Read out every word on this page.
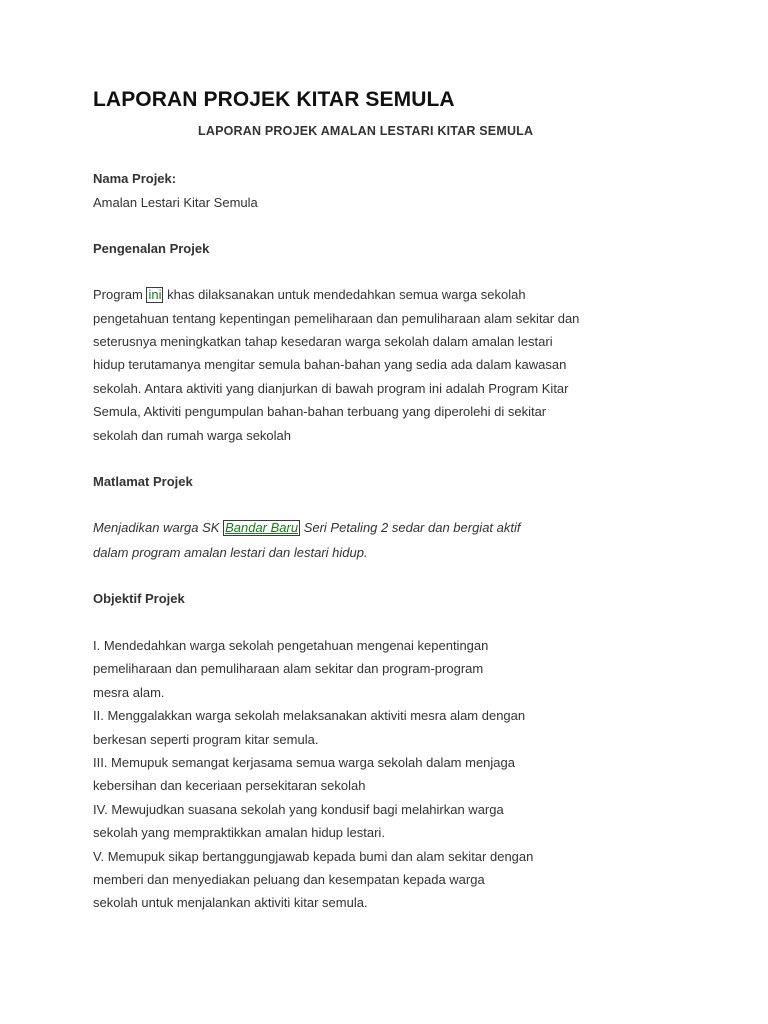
LAPORAN PROJEK KITAR SEMULA
LAPORAN PROJEK AMALAN LESTARI KITAR SEMULA
Nama Projek:
Amalan Lestari Kitar Semula
Pengenalan Projek
Program ini khas dilaksanakan untuk mendedahkan semua warga sekolah
pengetahuan tentang kepentingan pemeliharaan dan pemuliharaan alam sekitar dan
seterusnya meningkatkan tahap kesedaran warga sekolah dalam amalan lestari
hidup terutamanya mengitar semula bahan-bahan yang sedia ada dalam kawasan
sekolah. Antara aktiviti yang dianjurkan di bawah program ini adalah Program Kitar
Semula, Aktiviti pengumpulan bahan-bahan terbuang yang diperolehi di sekitar
sekolah dan rumah warga sekolah
Matlamat Projek
Menjadikan warga SK Bandar Baru Seri Petaling 2 sedar dan bergiat aktif
dalam program amalan lestari dan lestari hidup.
Objektif Projek
I. Mendedahkan warga sekolah pengetahuan mengenai kepentingan
pemeliharaan dan pemuliharaan alam sekitar dan program-program
mesra alam.
II. Menggalakkan warga sekolah melaksanakan aktiviti mesra alam dengan
berkesan seperti program kitar semula.
III. Memupuk semangat kerjasama semua warga sekolah dalam menjaga
kebersihan dan keceriaan persekitaran sekolah
IV. Mewujudkan suasana sekolah yang kondusif bagi melahirkan warga
sekolah yang mempraktikkan amalan hidup lestari.
V. Memupuk sikap bertanggungjawab kepada bumi dan alam sekitar dengan
memberi dan menyediakan peluang dan kesempatan kepada warga
sekolah untuk menjalankan aktiviti kitar semula.
